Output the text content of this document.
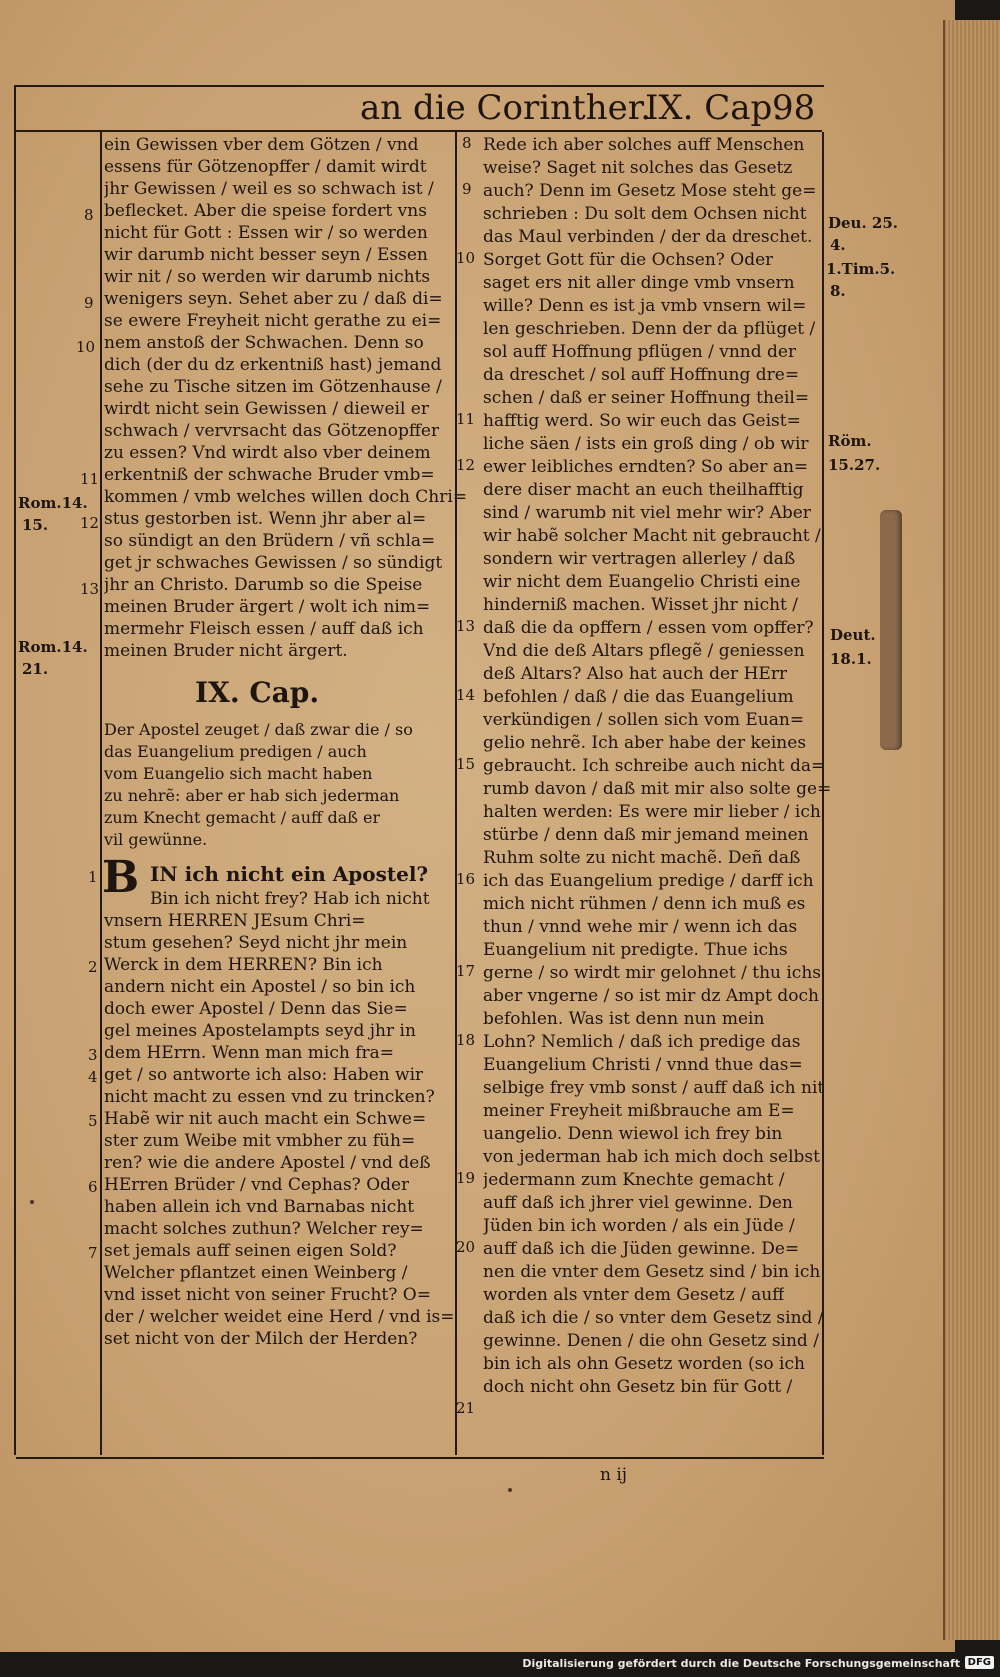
an die Corinther.
IX. Cap.
98
ein Gewissen vber dem Götzen / vnd
essens für Götzenopffer / damit wirdt
jhr Gewissen / weil es so schwach ist /
beflecket. Aber die speise fordert vns
nicht für Gott : Essen wir / so werden
wir darumb nicht besser seyn / Essen
wir nit / so werden wir darumb nichts
wenigers seyn. Sehet aber zu / daß di=
se ewere Freyheit nicht gerathe zu ei=
nem anstoß der Schwachen. Denn so
dich (der du dz erkentniß hast) jemand
sehe zu Tische sitzen im Götzenhause /
wirdt nicht sein Gewissen / dieweil er
schwach / vervrsacht das Götzenopffer
zu essen? Vnd wirdt also vber deinem
erkentniß der schwache Bruder vmb=
kommen / vmb welches willen doch Chri=
stus gestorben ist. Wenn jhr aber al=
so sündigt an den Brüdern / vñ schla=
get jr schwaches Gewissen / so sündigt
jhr an Christo. Darumb so die Speise
meinen Bruder ärgert / wolt ich nim=
mermehr Fleisch essen / auff daß ich
meinen Bruder nicht ärgert.
8
9
10
11
12
13
Rom.14.
15.
Rom.14.
21.
IX. Cap.
Der Apostel zeuget / daß zwar die / so
das Euangelium predigen / auch
vom Euangelio sich macht haben
zu nehrẽ: aber er hab sich jederman
zum Knecht gemacht / auff daß er
vil gewünne.
B IN ich nicht ein Apostel?
Bin ich nicht frey? Hab ich nicht
vnsern HERREN JEsum Chri=
stum gesehen? Seyd nicht jhr mein
Werck in dem HERREN? Bin ich
andern nicht ein Apostel / so bin ich
doch ewer Apostel / Denn das Sie=
gel meines Apostelampts seyd jhr in
dem HErrn. Wenn man mich fra=
get / so antworte ich also: Haben wir
nicht macht zu essen vnd zu trincken?
Habẽ wir nit auch macht ein Schwe=
ster zum Weibe mit vmbher zu füh=
ren? wie die andere Apostel / vnd deß
HErren Brüder / vnd Cephas? Oder
haben allein ich vnd Barnabas nicht
macht solches zuthun? Welcher rey=
set jemals auff seinen eigen Sold?
Welcher pflantzet einen Weinberg /
vnd isset nicht von seiner Frucht? O=
der / welcher weidet eine Herd / vnd is=
set nicht von der Milch der Herden?
1
2
3
4
5
6
7
Rede ich aber solches auff Menschen
weise? Saget nit solches das Gesetz
auch? Denn im Gesetz Mose steht ge=
schrieben : Du solt dem Ochsen nicht
das Maul verbinden / der da dreschet.
Sorget Gott für die Ochsen? Oder
saget ers nit aller dinge vmb vnsern
wille? Denn es ist ja vmb vnsern wil=
len geschrieben. Denn der da pflüget /
sol auff Hoffnung pflügen / vnnd der
da dreschet / sol auff Hoffnung dre=
schen / daß er seiner Hoffnung theil=
hafftig werd. So wir euch das Geist=
liche säen / ists ein groß ding / ob wir
ewer leibliches erndten? So aber an=
dere diser macht an euch theilhafftig
sind / warumb nit viel mehr wir? Aber
wir habẽ solcher Macht nit gebraucht /
sondern wir vertragen allerley / daß
wir nicht dem Euangelio Christi eine
hinderniß machen. Wisset jhr nicht /
daß die da opffern / essen vom opffer?
Vnd die deß Altars pflegẽ / geniessen
deß Altars? Also hat auch der HErr
befohlen / daß / die das Euangelium
verkündigen / sollen sich vom Euan=
gelio nehrẽ. Ich aber habe der keines
gebraucht. Ich schreibe auch nicht da=
rumb davon / daß mit mir also solte ge=
halten werden: Es were mir lieber / ich
stürbe / denn daß mir jemand meinen
Ruhm solte zu nicht machẽ. Deñ daß
ich das Euangelium predige / darff ich
mich nicht rühmen / denn ich muß es
thun / vnnd wehe mir / wenn ich das
Euangelium nit predigte. Thue ichs
gerne / so wirdt mir gelohnet / thu ichs
aber vngerne / so ist mir dz Ampt doch
befohlen. Was ist denn nun mein
Lohn? Nemlich / daß ich predige das
Euangelium Christi / vnnd thue das=
selbige frey vmb sonst / auff daß ich nit
meiner Freyheit mißbrauche am E=
uangelio. Denn wiewol ich frey bin
von jederman hab ich mich doch selbst
jedermann zum Knechte gemacht /
auff daß ich jhrer viel gewinne. Den
Jüden bin ich worden / als ein Jüde /
auff daß ich die Jüden gewinne. De=
nen die vnter dem Gesetz sind / bin ich
worden als vnter dem Gesetz / auff
daß ich die / so vnter dem Gesetz sind /
gewinne. Denen / die ohn Gesetz sind /
bin ich als ohn Gesetz worden (so ich
doch nicht ohn Gesetz bin für Gott /
8
9
10
11
12
13
14
15
16
17
18
19
20
21
Deu. 25.
4.
1.Tim.5.
8.
Röm.
15.27.
Deut.
18.1.
n ij
Digitalisierung gefördert durch die Deutsche Forschungsgemeinschaft DFG
